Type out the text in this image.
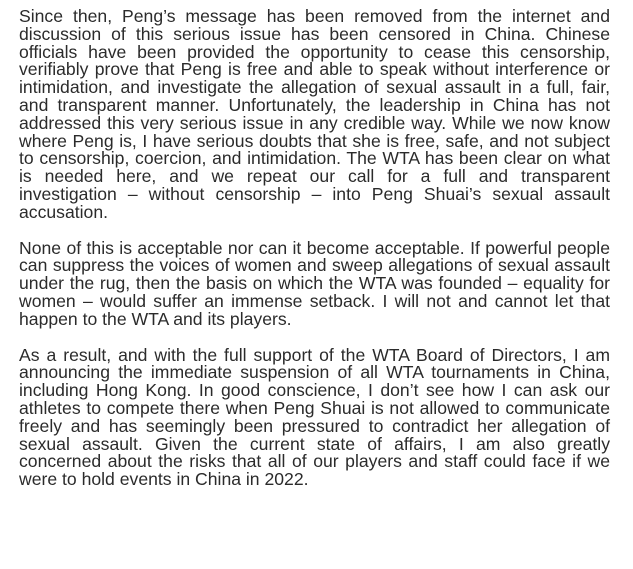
Since then, Peng’s message has been removed from the internet and discussion of this serious issue has been censored in China. Chinese officials have been provided the opportunity to cease this censorship, verifiably prove that Peng is free and able to speak without interference or intimidation, and investigate the allegation of sexual assault in a full, fair, and transparent manner. Unfortunately, the leadership in China has not addressed this very serious issue in any credible way. While we now know where Peng is, I have serious doubts that she is free, safe, and not subject to censorship, coercion, and intimidation. The WTA has been clear on what is needed here, and we repeat our call for a full and transparent investigation – without censorship – into Peng Shuai’s sexual assault accusation.

None of this is acceptable nor can it become acceptable. If powerful people can suppress the voices of women and sweep allegations of sexual assault under the rug, then the basis on which the WTA was founded – equality for women – would suffer an immense setback. I will not and cannot let that happen to the WTA and its players.

As a result, and with the full support of the WTA Board of Directors, I am announcing the immediate suspension of all WTA tournaments in China, including Hong Kong. In good conscience, I don’t see how I can ask our athletes to compete there when Peng Shuai is not allowed to communicate freely and has seemingly been pressured to contradict her allegation of sexual assault. Given the current state of affairs, I am also greatly concerned about the risks that all of our players and staff could face if we were to hold events in China in 2022.
